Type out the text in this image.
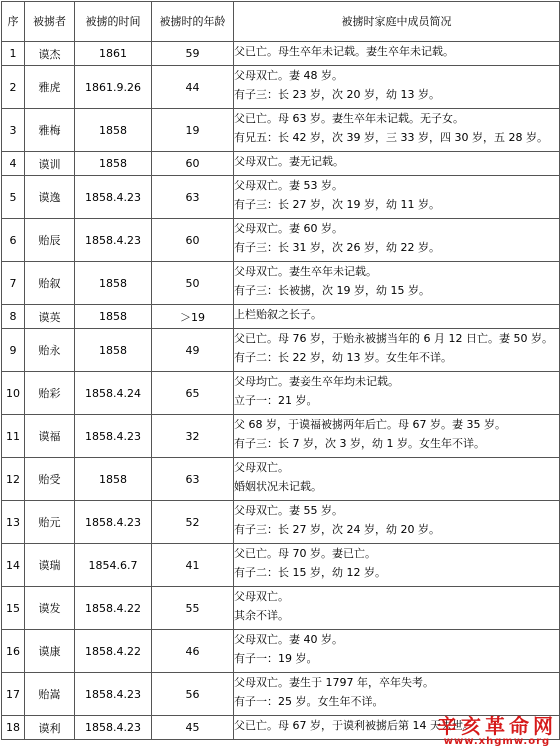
序	被掳者	被掳的时间	被掳时的年龄	被掳时家庭中成员简况
1	谟杰	1861	59	父已亡。母生卒年未记载。妻生卒年未记载。

2	雅虎	1861.9.26	44	父母双亡。妻 48 岁。
有子三：长 23 岁，次 20 岁，幼 13 岁。

3	雅梅	1858	19	父已亡。母 63 岁。妻生卒年未记载。无子女。
有兄五：长 42 岁，次 39 岁，三 33 岁，四 30 岁，五 28 岁。

4	谟训	1858	60	父母双亡。妻无记载。

5	谟逸	1858.4.23	63	父母双亡。妻 53 岁。
有子三：长 27 岁，次 19 岁，幼 11 岁。

6	贻辰	1858.4.23	60	父母双亡。妻 60 岁。
有子三：长 31 岁，次 26 岁，幼 22 岁。

7	贻叙	1858	50	父母双亡。妻生卒年未记载。
有子三：长被掳，次 19 岁，幼 15 岁。

8	谟英	1858	＞19	上栏贻叙之长子。

9	贻永	1858	49	父已亡。母 76 岁，于贻永被掳当年的 6 月 12 日亡。妻 50 岁。
有子二：长 22 岁，幼 13 岁。女生年不详。

10	贻彩	1858.4.24	65	父母均亡。妻妾生卒年均未记载。
立子一：21 岁。

11	谟福	1858.4.23	32	父 68 岁，于谟福被掳两年后亡。母 67 岁。妻 35 岁。
有子三：长 7 岁，次 3 岁，幼 1 岁。女生年不详。

12	贻受	1858	63	父母双亡。
婚姻状况未记载。

13	贻元	1858.4.23	52	父母双亡。妻 55 岁。
有子三：长 27 岁，次 24 岁，幼 20 岁。

14	谟瑞	1854.6.7	41	父已亡。母 70 岁。妻已亡。
有子二：长 15 岁，幼 12 岁。

15	谟发	1858.4.22	55	父母双亡。
其余不详。

16	谟康	1858.4.22	46	父母双亡。妻 40 岁。
有子一：19 岁。

17	贻嵩	1858.4.23	56	父母双亡。妻生于 1797 年，卒年失考。
有子一：25 岁。女生年不详。

18	谟利	1858.4.23	45	父已亡。母 67 岁，于谟利被掳后第 14 天去世。
辛亥革命网
www.xhgmw.org
